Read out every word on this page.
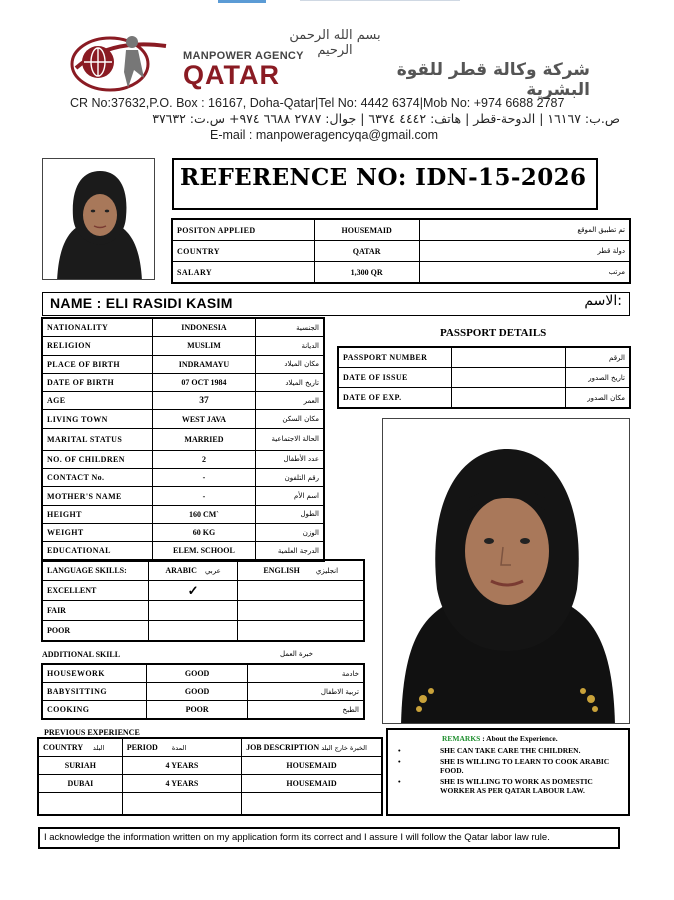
بسم الله الرحمن الرحيم
MANPOWER AGENCY
QATAR	شركة وكالة قطر للقوة البشرية
CR No:37632,P.O. Box : 16167, Doha-Qatar|Tel No: 4442 6374|Mob No: +974 6688 2787
ص.ب: ١٦١٦٧ | الدوحة-قطر | هاتف: ٤٤٤٢ ٦٣٧٤ | جوال: ٢٧٨٧ ٦٦٨٨ ٩٧٤+ س.ت: ٣٧٦٣٢
E-mail : manpoweragencyqa@gmail.com
REFERENCE NO: IDN-15-2026
POSITON APPLIED	HOUSEMAID	تم تطبيق الموقع
COUNTRY	QATAR	دولة قطر
SALARY	1,300 QR	مرتب
NAME : ELI RASIDI KASIM	الاسم:
NATIONALITY	INDONESIA	الجنسية
RELIGION	MUSLIM	الديانة
PLACE OF BIRTH	INDRAMAYU	مكان الميلاد
DATE OF BIRTH	07 OCT 1984	تاريخ الميلاد
AGE	37	العمر
LIVING TOWN	WEST JAVA	مكان السكن
MARITAL STATUS	MARRIED	الحالة الاجتماعية
NO. OF CHILDREN	2	عدد الأطفال
CONTACT No.	-	رقم التلفون
MOTHER'S NAME	-	اسم الأم
HEIGHT	160 CM`	الطول
WEIGHT	60 KG	الوزن
EDUCATIONAL	ELEM. SCHOOL	الدرجة العلمية
PASSPORT DETAILS
PASSPORT NUMBER		الرقم
DATE OF ISSUE		تاريخ الصدور
DATE OF EXP.		مكان الصدور
LANGUAGE SKILLS:	ARABIC عربي	ENGLISH انجليزي
EXCELLENT	✓	
FAIR		
POOR		
ADDITIONAL SKILL	خبرة العمل
HOUSEWORK	GOOD	خادمة
BABYSITTING	GOOD	تربية الاطفال
COOKING	POOR	الطبخ
PREVIOUS EXPERIENCE
COUNTRY البلد	PERIOD المدة	JOB DESCRIPTION الخبرة خارج البلد
SURIAH	4 YEARS	HOUSEMAID
DUBAI	4 YEARS	HOUSEMAID

REMARKS : About the Experience.
•	SHE CAN TAKE CARE THE CHILDREN.
•	SHE IS WILLING TO LEARN TO COOK ARABIC FOOD.
•	SHE IS WILLING TO WORK AS DOMESTIC WORKER AS PER QATAR LABOUR LAW.
I acknowledge the information written on my application form its correct and I assure I will follow the Qatar labor law rule.
